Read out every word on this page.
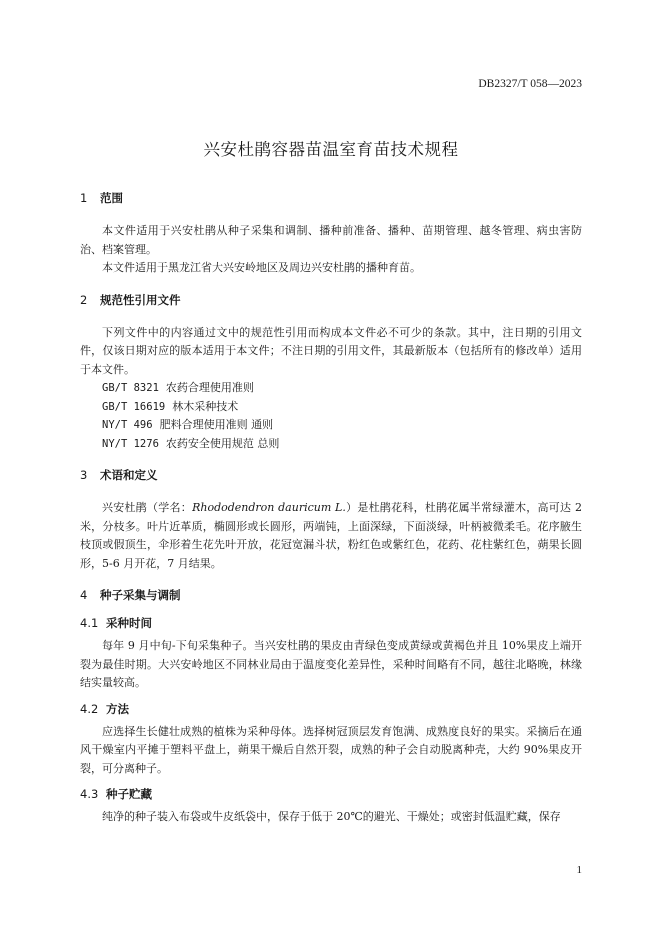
DB2327/T 058—2023
兴安杜鹃容器苗温室育苗技术规程
1 范围

本文件适用于兴安杜鹃从种子采集和调制、播种前准备、播种、苗期管理、越冬管理、病虫害防治、档案管理。

本文件适用于黑龙江省大兴安岭地区及周边兴安杜鹃的播种育苗。

2 规范性引用文件

下列文件中的内容通过文中的规范性引用而构成本文件必不可少的条款。其中，注日期的引用文件，仅该日期对应的版本适用于本文件；不注日期的引用文件，其最新版本（包括所有的修改单）适用于本文件。

GB/T 8321 农药合理使用准则
GB/T 16619 林木采种技术
NY/T 496 肥料合理使用准则 通则
NY/T 1276 农药安全使用规范 总则
3 术语和定义

兴安杜鹃（学名：Rhododendron dauricum L.）是杜鹃花科，杜鹃花属半常绿灌木，高可达 2 米，分枝多。叶片近革质，椭圆形或长圆形，两端钝，上面深绿，下面淡绿，叶柄被微柔毛。花序腋生枝顶或假顶生，伞形着生花先叶开放，花冠宽漏斗状，粉红色或紫红色，花药、花柱紫红色，蒴果长圆形，5-6 月开花，7 月结果。

4 种子采集与调制
4.1 采种时间

每年 9 月中旬-下旬采集种子。当兴安杜鹃的果皮由青绿色变成黄绿或黄褐色并且 10%果皮上端开裂为最佳时期。大兴安岭地区不同林业局由于温度变化差异性，采种时间略有不同，越往北略晚，林缘结实量较高。

4.2 方法

应选择生长健壮成熟的植株为采种母体。选择树冠顶层发育饱满、成熟度良好的果实。采摘后在通风干燥室内平摊于塑料平盘上，蒴果干燥后自然开裂，成熟的种子会自动脱离种壳，大约 90%果皮开裂，可分离种子。

4.3 种子贮藏

纯净的种子装入布袋或牛皮纸袋中，保存于低于 20℃的避光、干燥处；或密封低温贮藏，保存

1
